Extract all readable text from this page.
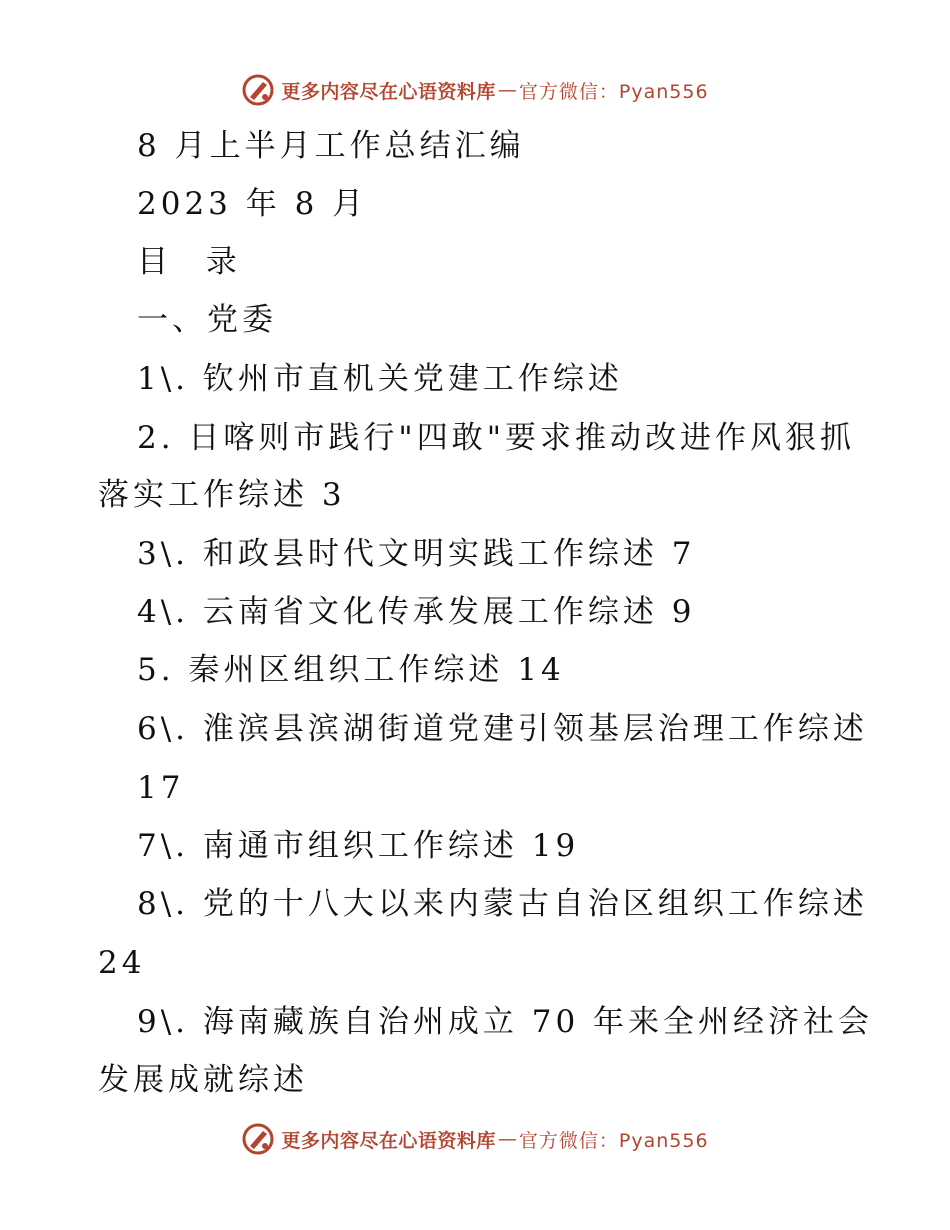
更多内容尽在心语资料库 — 官方微信：Pyan556
8 月上半月工作总结汇编
2023 年 8 月
目 录
一、党委
1\. 钦州市直机关党建工作综述
2. 日喀则市践行"四敢"要求推动改进作风狠抓
落实工作综述 3
3\. 和政县时代文明实践工作综述 7
4\. 云南省文化传承发展工作综述 9
5. 秦州区组织工作综述 14
6\. 淮滨县滨湖街道党建引领基层治理工作综述
17
7\. 南通市组织工作综述 19
8\. 党的十八大以来内蒙古自治区组织工作综述
24
9\. 海南藏族自治州成立 70 年来全州经济社会
发展成就综述
更多内容尽在心语资料库 — 官方微信：Pyan556
